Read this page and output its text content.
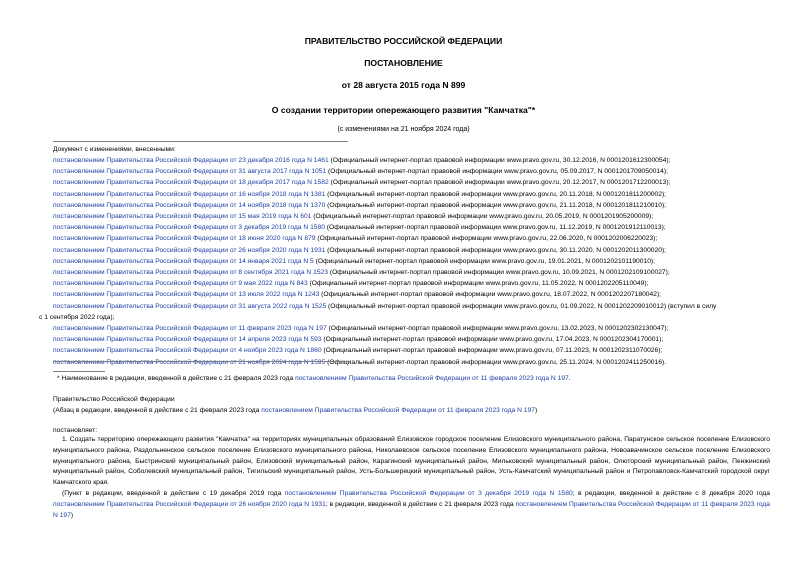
ПРАВИТЕЛЬСТВО РОССИЙСКОЙ ФЕДЕРАЦИИ
ПОСТАНОВЛЕНИЕ
от 28 августа 2015 года N 899
О создании территории опережающего развития "Камчатка"*
(с изменениями на 21 ноября 2024 года)
Документ с изменениями, внесенными:
постановлением Правительства Российской Федерации от 23 декабря 2016 года N 1461 (Официальный интернет-портал правовой информации www.pravo.gov.ru, 30.12.2016, N 0001201612300054);
постановлением Правительства Российской Федерации от 31 августа 2017 года N 1051 (Официальный интернет-портал правовой информации www.pravo.gov.ru, 05.09.2017, N 0001201709050014);
постановлением Правительства Российской Федерации от 18 декабря 2017 года N 1582 (Официальный интернет-портал правовой информации www.pravo.gov.ru, 20.12.2017, N 0001201712200013);
постановлением Правительства Российской Федерации от 16 ноября 2018 года N 1381 (Официальный интернет-портал правовой информации www.pravo.gov.ru, 20.11.2018, N 0001201811200002);
постановлением Правительства Российской Федерации от 14 ноября 2018 года N 1370 (Официальный интернет-портал правовой информации www.pravo.gov.ru, 21.11.2018, N 0001201811210010);
постановлением Правительства Российской Федерации от 15 мая 2019 года N 601 (Официальный интернет-портал правовой информации www.pravo.gov.ru, 20.05.2019, N 0001201905200009);
постановлением Правительства Российской Федерации от 3 декабря 2019 года N 1580 (Официальный интернет-портал правовой информации www.pravo.gov.ru, 11.12.2019, N 0001201912110013);
постановлением Правительства Российской Федерации от 18 июня 2020 года N 879 (Официальный интернет-портал правовой информации www.pravo.gov.ru, 22.06.2020, N 0001202006220023);
постановлением Правительства Российской Федерации от 26 ноября 2020 года N 1931 (Официальный интернет-портал правовой информации www.pravo.gov.ru, 30.11.2020, N 0001202011300020);
постановлением Правительства Российской Федерации от 14 января 2021 года N 5 (Официальный интернет-портал правовой информации www.pravo.gov.ru, 19.01.2021, N 0001202101190010);
постановлением Правительства Российской Федерации от 8 сентября 2021 года N 1523 (Официальный интернет-портал правовой информации www.pravo.gov.ru, 10.09.2021, N 0001202109100027);
постановлением Правительства Российской Федерации от 9 мая 2022 года N 843 (Официальный интернет-портал правовой информации www.pravo.gov.ru, 11.05.2022, N 0001202205110049);
постановлением Правительства Российской Федерации от 13 июля 2022 года N 1243 (Официальный интернет-портал правовой информации www.pravo.gov.ru, 18.07.2022, N 0001202207180042);
постановлением Правительства Российской Федерации от 31 августа 2022 года N 1525 (Официальный интернет-портал правовой информации www.pravo.gov.ru, 01.09.2022, N 0001202209010012) (вступил в силу
с 1 сентября 2022 года);
постановлением Правительства Российской Федерации от 11 февраля 2023 года N 197 (Официальный интернет-портал правовой информации www.pravo.gov.ru, 13.02.2023, N 0001202302130047);
постановлением Правительства Российской Федерации от 14 апреля 2023 года N 593 (Официальный интернет-портал правовой информации www.pravo.gov.ru, 17.04.2023, N 0001202304170001);
постановлением Правительства Российской Федерации от 4 ноября 2023 года N 1860 (Официальный интернет-портал правовой информации www.pravo.gov.ru, 07.11.2023, N 0001202311070026);
постановлением Правительства Российской Федерации от 21 ноября 2024 года N 1595 (Официальный интернет-портал правовой информации www.pravo.gov.ru, 25.11.2024, N 0001202411250016).
* Наименование в редакции, введенной в действие с 21 февраля 2023 года постановлением Правительства Российской Федерации от 11 февраля 2023 года N 197.
Правительство Российской Федерации
(Абзац в редакции, введенной в действие с 21 февраля 2023 года постановлением Правительства Российской Федерации от 11 февраля 2023 года N 197)
постановляет:
1. Создать территорию опережающего развития "Камчатка" на территориях муниципальных образований Елизовское городское поселение Елизовского муниципального района, Паратунское сельское поселение Елизовского муниципального района, Раздольненское сельское поселение Елизовского муниципального района, Николаевское сельское поселение Елизовского муниципального района, Новоавачинское сельское поселение Елизовского муниципального района, Быстринский муниципальный район, Елизовский муниципальный район, Карагинский муниципальный район, Мильковский муниципальный район, Олюторский муниципальный район, Пенжинский муниципальный район, Соболевский муниципальный район, Тигильский муниципальный район, Усть-Большерецкий муниципальный район, Усть-Камчатский муниципальный район и Петропавловск-Камчатский городской округ Камчатского края.
(Пункт в редакции, введенной в действие с 19 декабря 2019 года постановлением Правительства Российской Федерации от 3 декабря 2019 года N 1580; в редакции, введенной в действие с 8 декабря 2020 года постановлением Правительства Российской Федерации от 26 ноября 2020 года N 1931; в редакции, введенной в действие с 21 февраля 2023 года постановлением Правительства Российской Федерации от 11 февраля 2023 года N 197)
